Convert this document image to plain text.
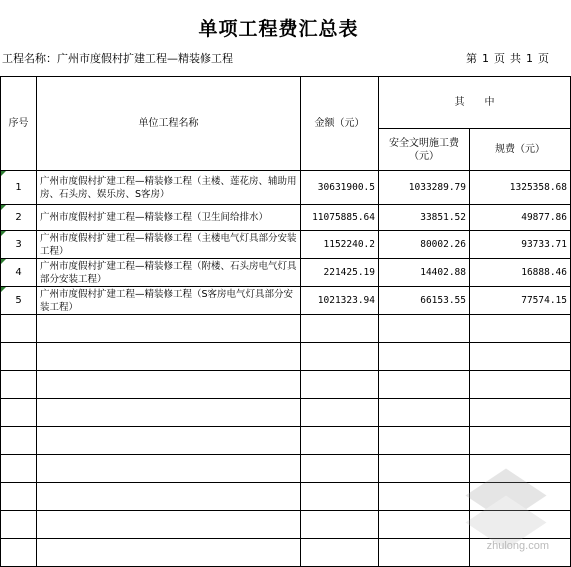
单项工程费汇总表
工程名称：广州市度假村扩建工程—精装修工程	第 1 页 共 1 页
序号	单位工程名称	金额（元）	其　　中	
			安全文明施工费（元）	规费（元）

1	广州市度假村扩建工程—精装修工程（主楼、莲花房、辅助用房、石头房、娱乐房、S客房）	30631900.5	1033289.79	1325358.68

2	广州市度假村扩建工程—精装修工程（卫生间给排水）	11075885.64	33851.52	49877.86

3	广州市度假村扩建工程—精装修工程（主楼电气灯具部分安装工程）	1152240.2	80002.26	93733.71

4	广州市度假村扩建工程—精装修工程（附楼、石头房电气灯具部分安装工程）	221425.19	14402.88	16888.46

5	广州市度假村扩建工程—精装修工程（S客房电气灯具部分安装工程）	1021323.94	66153.55	77574.15

zhulong.com
